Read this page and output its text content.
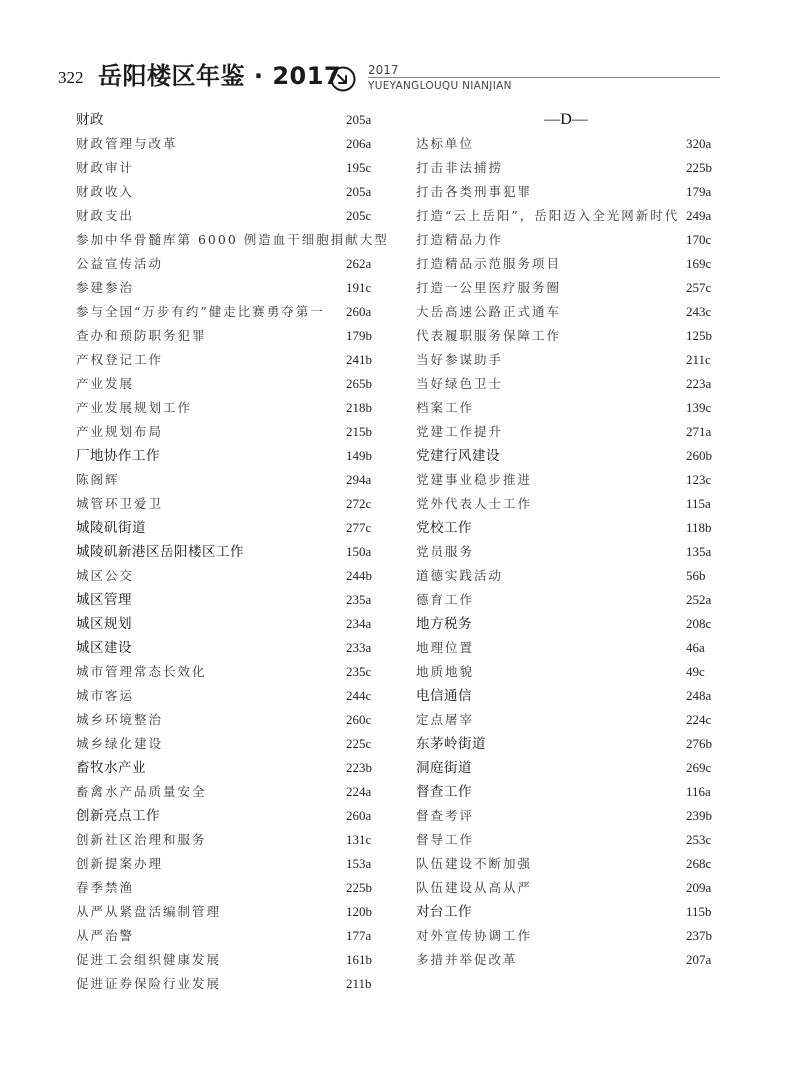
322 岳阳楼区年鉴 · 2017 2017
YUEYANGLOUQU NIANJIAN
财政	205a
财政管理与改革	206a
财政审计	195c
财政收入	205a
财政支出	205c
参加中华骨髓库第 6000 例造血干细胞捐献大型
公益宣传活动	262a
参建参治	191c
参与全国“万步有约”健走比赛勇夺第一 260a
查办和预防职务犯罪	179b
产权登记工作	241b
产业发展	265b
产业发展规划工作	218b
产业规划布局	215b
厂地协作工作	149b
陈阁辉	294a
城管环卫爱卫	272c
城陵矶街道	277c
城陵矶新港区岳阳楼区工作	150a
城区公交	244b
城区管理	235a
城区规划	234a
城区建设	233a
城市管理常态长效化	235c
城市客运	244c
城乡环境整治	260c
城乡绿化建设	225c
畜牧水产业	223b
畜禽水产品质量安全	224a
创新亮点工作	260a
创新社区治理和服务	131c
创新提案办理	153a
春季禁渔	225b
从严从紧盘活编制管理	120b
从严治警	177a
促进工会组织健康发展	161b
促进证券保险行业发展	211b
—D—
达标单位	320a
打击非法捕捞	225b
打击各类刑事犯罪	179a
打造“云上岳阳”，岳阳迈入全光网新时代 249a
打造精品力作	170c
打造精品示范服务项目	169c
打造一公里医疗服务圈	257c
大岳高速公路正式通车	243c
代表履职服务保障工作	125b
当好参谋助手	211c
当好绿色卫士	223a
档案工作	139c
党建工作提升	271a
党建行风建设	260b
党建事业稳步推进	123c
党外代表人士工作	115a
党校工作	118b
党员服务	135a
道德实践活动	56b
德育工作	252a
地方税务	208c
地理位置	46a
地质地貌	49c
电信通信	248a
定点屠宰	224c
东茅岭街道	276b
洞庭街道	269c
督查工作	116a
督查考评	239b
督导工作	253c
队伍建设不断加强	268c
队伍建设从高从严	209a
对台工作	115b
对外宣传协调工作	237b
多措并举促改革	207a
